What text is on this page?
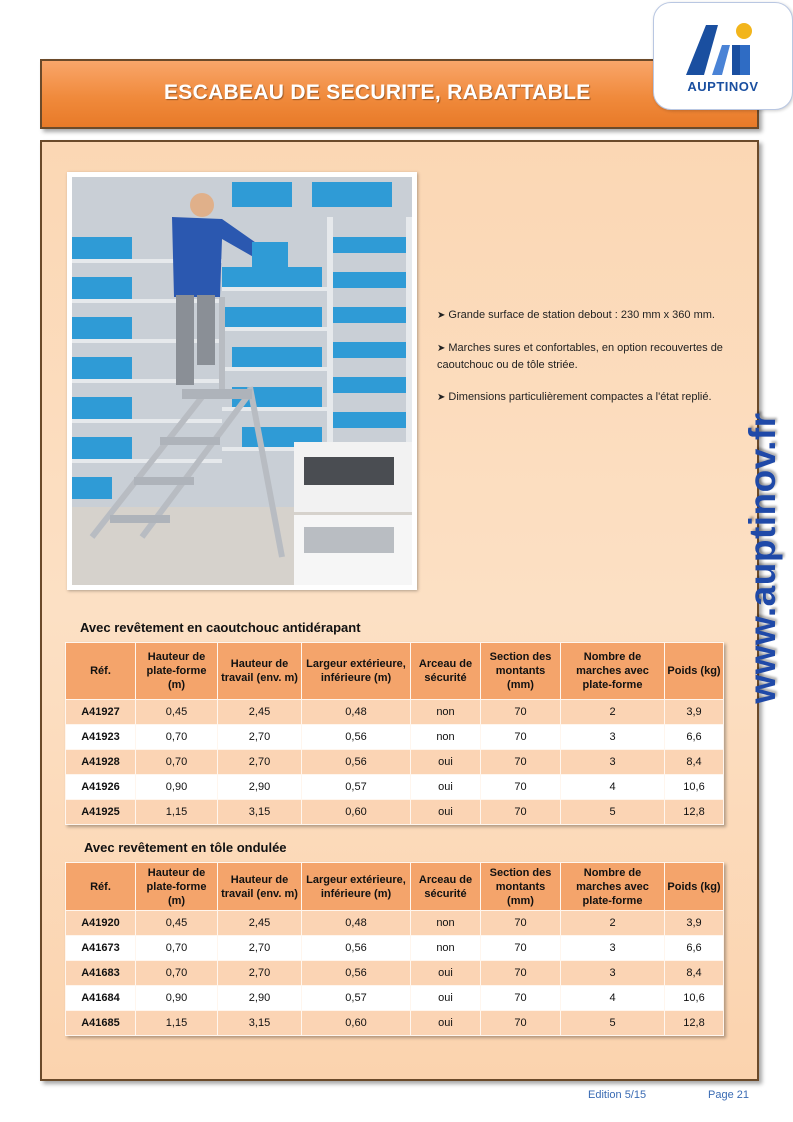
ESCABEAU DE SECURITE, RABATTABLE	AUPTINOV

➤ Grande surface de station debout : 230 mm x 360 mm.

➤ Marches sures et confortables, en option recouvertes de caoutchouc ou de tôle striée.

➤ Dimensions particulièrement compactes a l'état replié.

www.auptinov.fr
Avec revêtement en caoutchouc antidérapant
Réf.	Hauteur de plate-forme (m)	Hauteur de travail (env. m)	Largeur extérieure, inférieure (m)	Arceau de sécurité	Section des montants (mm)	Nombre de marches avec plate-forme	Poids (kg)
A41927	0,45	2,45	0,48	non	70	2	3,9
A41923	0,70	2,70	0,56	non	70	3	6,6
A41928	0,70	2,70	0,56	oui	70	3	8,4
A41926	0,90	2,90	0,57	oui	70	4	10,6
A41925	1,15	3,15	0,60	oui	70	5	12,8
Avec revêtement en tôle ondulée
Réf.	Hauteur de plate-forme (m)	Hauteur de travail (env. m)	Largeur extérieure, inférieure (m)	Arceau de sécurité	Section des montants (mm)	Nombre de marches avec plate-forme	Poids (kg)
A41920	0,45	2,45	0,48	non	70	2	3,9
A41673	0,70	2,70	0,56	non	70	3	6,6
A41683	0,70	2,70	0,56	oui	70	3	8,4
A41684	0,90	2,90	0,57	oui	70	4	10,6
A41685	1,15	3,15	0,60	oui	70	5	12,8
Edition 5/15	Page 21
